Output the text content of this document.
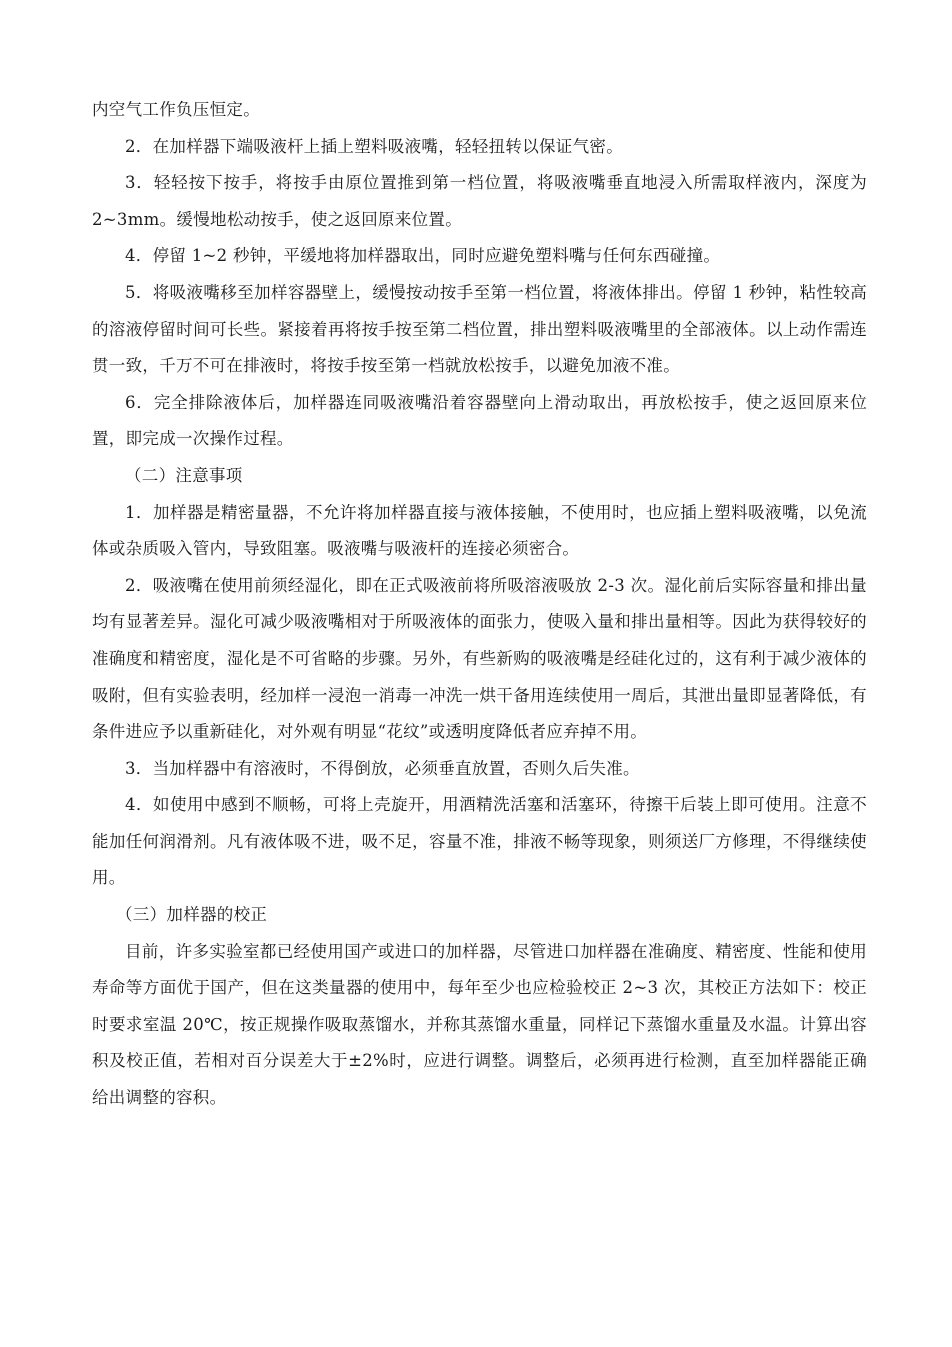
内空气工作负压恒定。

2．在加样器下端吸液杆上插上塑料吸液嘴，轻轻扭转以保证气密。

3．轻轻按下按手，将按手由原位置推到第一档位置，将吸液嘴垂直地浸入所需取样液内，深度为 2~3mm。缓慢地松动按手，使之返回原来位置。

4．停留 1~2 秒钟，平缓地将加样器取出，同时应避免塑料嘴与任何东西碰撞。

5．将吸液嘴移至加样容器壁上，缓慢按动按手至第一档位置，将液体排出。停留 1 秒钟，粘性较高的溶液停留时间可长些。紧接着再将按手按至第二档位置，排出塑料吸液嘴里的全部液体。以上动作需连贯一致，千万不可在排液时，将按手按至第一档就放松按手，以避免加液不准。

6．完全排除液体后，加样器连同吸液嘴沿着容器壁向上滑动取出，再放松按手，使之返回原来位置，即完成一次操作过程。

（二）注意事项

1．加样器是精密量器，不允许将加样器直接与液体接触，不使用时，也应插上塑料吸液嘴，以免流体或杂质吸入管内，导致阻塞。吸液嘴与吸液杆的连接必须密合。

2．吸液嘴在使用前须经湿化，即在正式吸液前将所吸溶液吸放 2-3 次。湿化前后实际容量和排出量均有显著差异。湿化可减少吸液嘴相对于所吸液体的面张力，使吸入量和排出量相等。因此为获得较好的准确度和精密度，湿化是不可省略的步骤。另外，有些新购的吸液嘴是经硅化过的，这有利于减少液体的吸附，但有实验表明，经加样一浸泡一消毒一冲洗一烘干备用连续使用一周后，其泄出量即显著降低，有条件进应予以重新硅化，对外观有明显“花纹”或透明度降低者应弃掉不用。

3．当加样器中有溶液时，不得倒放，必须垂直放置，否则久后失准。

4．如使用中感到不顺畅，可将上壳旋开，用酒精洗活塞和活塞环，待擦干后装上即可使用。注意不能加任何润滑剂。凡有液体吸不进，吸不足，容量不准，排液不畅等现象，则须送厂方修理，不得继续使用。

（三）加样器的校正

目前，许多实验室都已经使用国产或进口的加样器，尽管进口加样器在准确度、精密度、性能和使用寿命等方面优于国产，但在这类量器的使用中，每年至少也应检验校正 2~3 次，其校正方法如下：校正时要求室温 20℃，按正规操作吸取蒸馏水，并称其蒸馏水重量，同样记下蒸馏水重量及水温。计算出容积及校正值，若相对百分误差大于±2%时，应进行调整。调整后，必须再进行检测，直至加样器能正确给出调整的容积。
